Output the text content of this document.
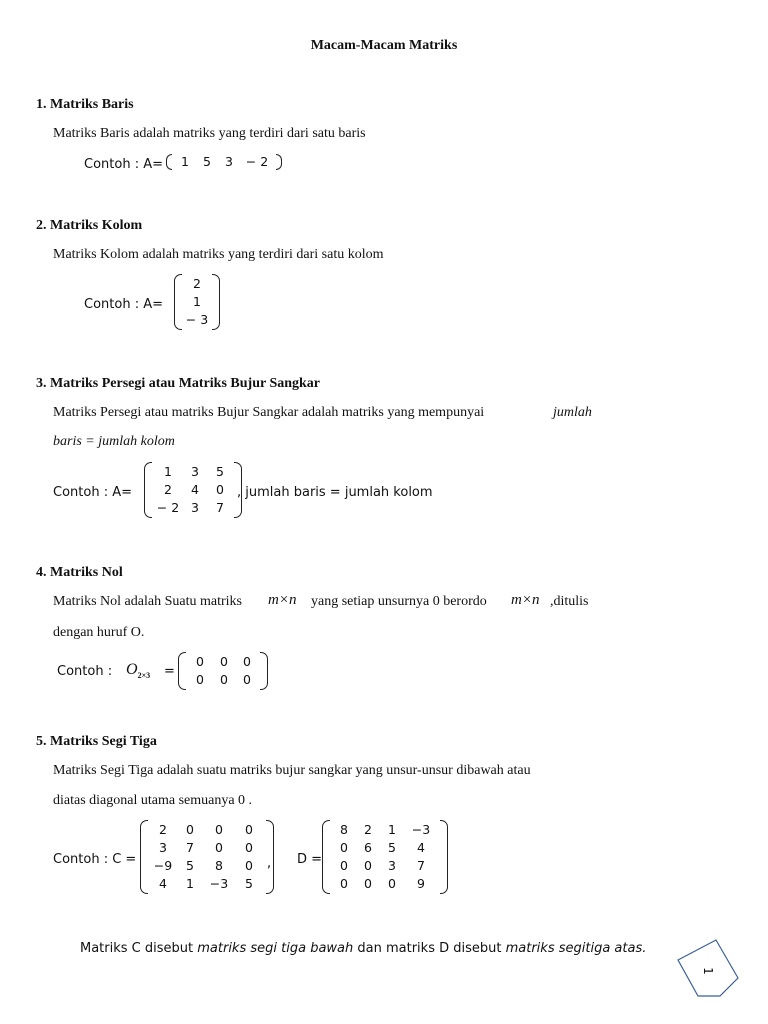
Macam-Macam Matriks
1. Matriks Baris
Matriks Baris adalah matriks yang terdiri dari satu baris
Contoh : A=	1	5	3	− 2
2. Matriks Kolom
Matriks Kolom adalah matriks yang terdiri dari satu kolom
Contoh : A=
2
1
− 3
3. Matriks Persegi atau Matriks Bujur Sangkar
Matriks Persegi atau matriks Bujur Sangkar adalah matriks yang mempunyai	jumlah
baris = jumlah kolom
Contoh : A=
1	3	5
2	4	0
− 2 3	7
, jumlah baris = jumlah kolom
4. Matriks Nol
Matriks Nol adalah Suatu matriks m×n yang setiap unsurnya 0 berordo m×n ,ditulis
dengan huruf O.
Contoh : $O_{2\times 3}$ =
0	0	0
0	0	0
5. Matriks Segi Tiga
Matriks Segi Tiga adalah suatu matriks bujur sangkar yang unsur-unsur dibawah atau
diatas diagonal utama semuanya 0 .
Contoh : C =
2	0	0	0
3	7	0	0
−9	5	8	0
4	1	−3	5
, D =
8	2	1	−3
0	6	5	4
0	0	3	7
0	0	0	9
Matriks C disebut matriks segi tiga bawah dan matriks D disebut matriks segitiga atas.
1
